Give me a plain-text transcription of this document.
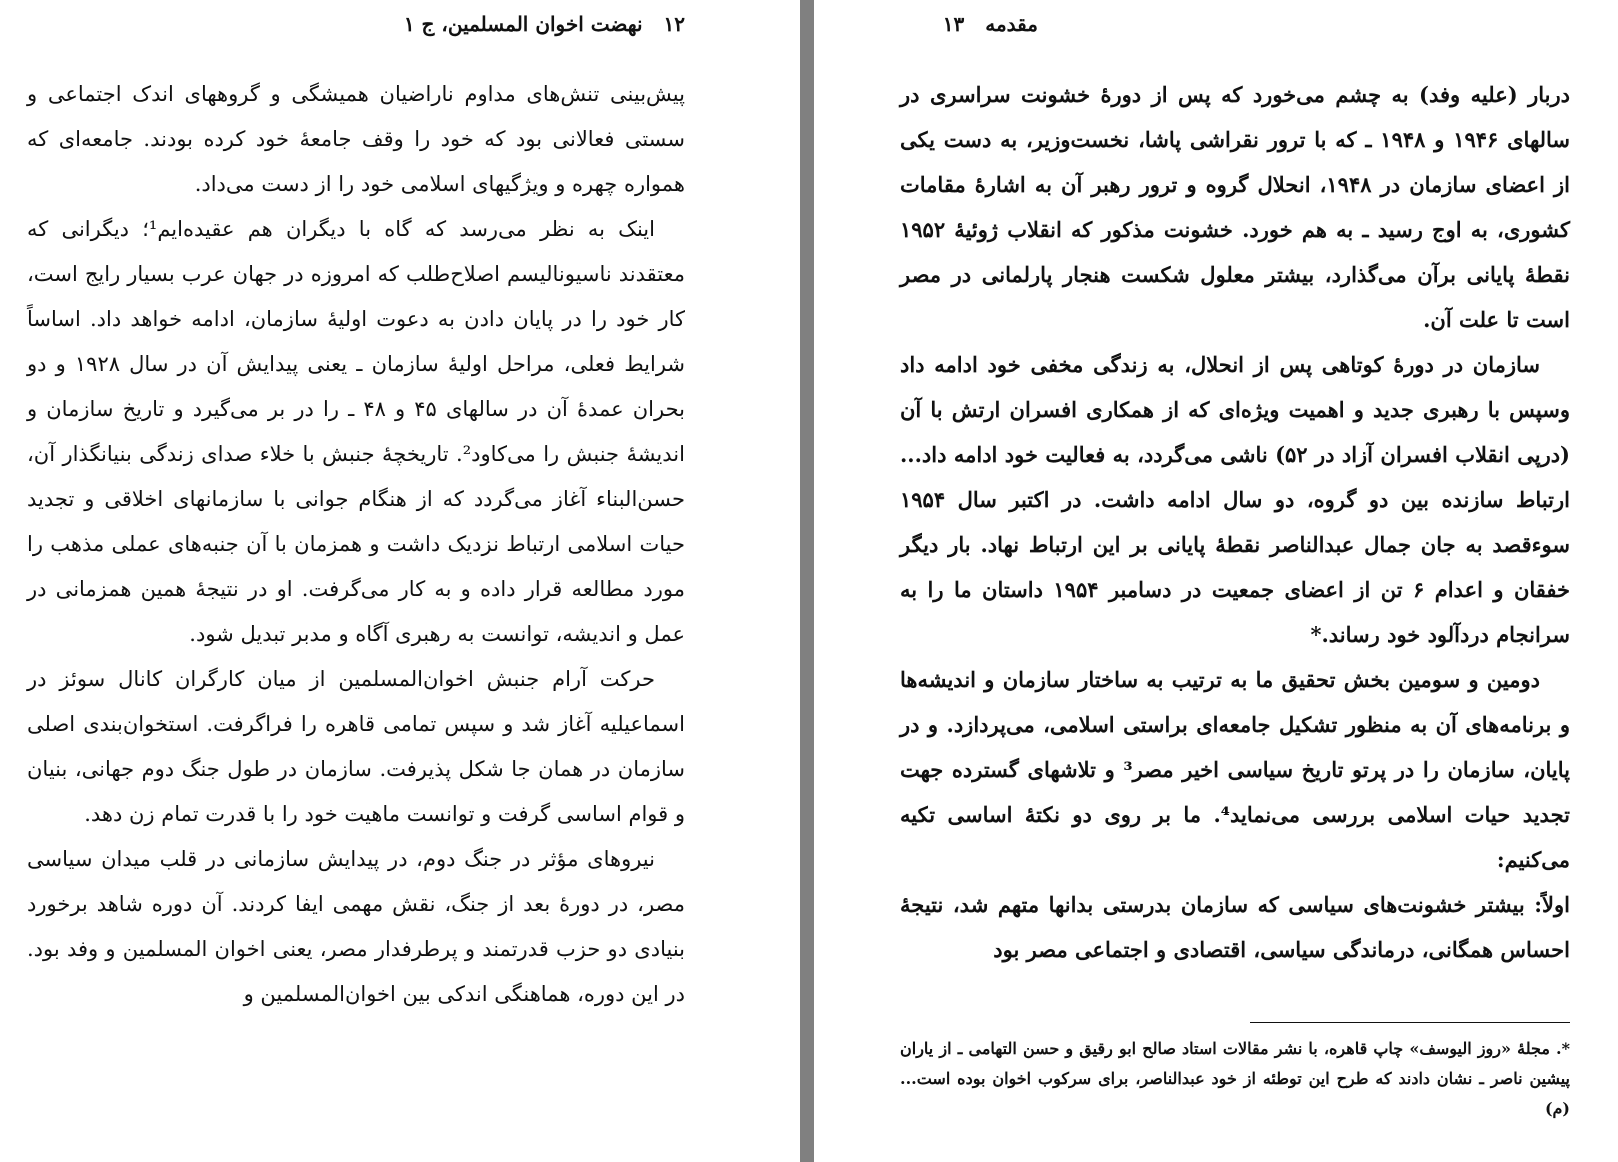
۱۲ نهضت اخوان المسلمین، ج ۱

پیش‌بینی تنش‌های مداوم ناراضیان همیشگی و گروههای اندک اجتماعی و سستی فعالانی بود که خود را وقف جامعهٔ خود کرده بودند. جامعه‌ای که همواره چهره و ویژگیهای اسلامی خود را از دست می‌داد.

اینک به نظر می‌رسد که گاه با دیگران هم عقیده‌ایم¹؛ دیگرانی که معتقدند ناسیونالیسم اصلاح‌طلب که امروزه در جهان عرب بسیار رایج است، کار خود را در پایان دادن به دعوت اولیهٔ سازمان، ادامه خواهد داد. اساساً شرایط فعلی، مراحل اولیهٔ سازمان ـ یعنی پیدایش آن در سال ۱۹۲۸ و دو بحران عمدهٔ آن در سالهای ۴۵ و ۴۸ ـ را در بر می‌گیرد و تاریخ سازمان و اندیشهٔ جنبش را می‌کاود². تاریخچهٔ جنبش با خلاء صدای زندگی بنیانگذار آن، حسن‌البناء آغاز می‌گردد که از هنگام جوانی با سازمانهای اخلاقی و تجدید حیات اسلامی ارتباط نزدیک داشت و همزمان با آن جنبه‌های عملی مذهب را مورد مطالعه قرار داده و به کار می‌گرفت. او در نتیجهٔ همین همزمانی در عمل و اندیشه، توانست به رهبری آگاه و مدبر تبدیل شود.

حرکت آرام جنبش اخوان‌المسلمین از میان کارگران کانال سوئز در اسماعیلیه آغاز شد و سپس تمامی قاهره را فراگرفت. استخوان‌بندی اصلی سازمان در همان جا شکل پذیرفت. سازمان در طول جنگ دوم جهانی، بنیان و قوام اساسی گرفت و توانست ماهیت خود را با قدرت تمام زن دهد.

نیروهای مؤثر در جنگ دوم، در پیدایش سازمانی در قلب میدان سیاسی مصر، در دورهٔ بعد از جنگ، نقش مهمی ایفا کردند. آن دوره شاهد برخورد بنیادی دو حزب قدرتمند و پرطرفدار مصر، یعنی اخوان المسلمین و وفد بود. در این دوره، هماهنگی اندکی بین اخوان‌المسلمین و

مقدمه ۱۳

دربار (علیه وفد) به چشم می‌خورد که پس از دورهٔ خشونت سراسری در سالهای ۱۹۴۶ و ۱۹۴۸ ـ که با ترور نقراشی پاشا، نخست‌وزیر، به دست یکی از اعضای سازمان در ۱۹۴۸، انحلال گروه و ترور رهبر آن به اشارهٔ مقامات کشوری، به اوج رسید ـ به هم خورد. خشونت مذکور که انقلاب ژوئیهٔ ۱۹۵۲ نقطهٔ پایانی برآن می‌گذارد، بیشتر معلول شکست هنجار پارلمانی در مصر است تا علت آن.

سازمان در دورهٔ کوتاهی پس از انحلال، به زندگی مخفی خود ادامه داد وسپس با رهبری جدید و اهمیت ویژه‌ای که از همکاری افسران ارتش با آن (درپی انقلاب افسران آزاد در ۵۲) ناشی می‌گردد، به فعالیت خود ادامه داد... ارتباط سازنده بین دو گروه، دو سال ادامه داشت. در اکتبر سال ۱۹۵۴ سوءقصد به جان جمال عبدالناصر نقطهٔ پایانی بر این ارتباط نهاد. بار دیگر خفقان و اعدام ۶ تن از اعضای جمعیت در دسامبر ۱۹۵۴ داستان ما را به سرانجام دردآلود خود رساند.*

دومین و سومین بخش تحقیق ما به ترتیب به ساختار سازمان و اندیشه‌ها و برنامه‌های آن به منظور تشکیل جامعه‌ای براستی اسلامی، می‌پردازد. و در پایان، سازمان را در پرتو تاریخ سیاسی اخیر مصر³ و تلاشهای گسترده جهت تجدید حیات اسلامی بررسی می‌نماید⁴. ما بر روی دو نکتهٔ اساسی تکیه می‌کنیم:

اولاً: بیشتر خشونت‌های سیاسی که سازمان بدرستی بدانها متهم شد، نتیجهٔ احساس همگانی، درماندگی سیاسی، اقتصادی و اجتماعی مصر بود

*. مجلهٔ «روز الیوسف» چاپ قاهره، با نشر مقالات استاد صالح ابو رقیق و حسن التهامی ـ از یاران پیشین ناصر ـ نشان دادند که طرح این توطئه از خود عبدالناصر، برای سرکوب اخوان بوده است...(م)
